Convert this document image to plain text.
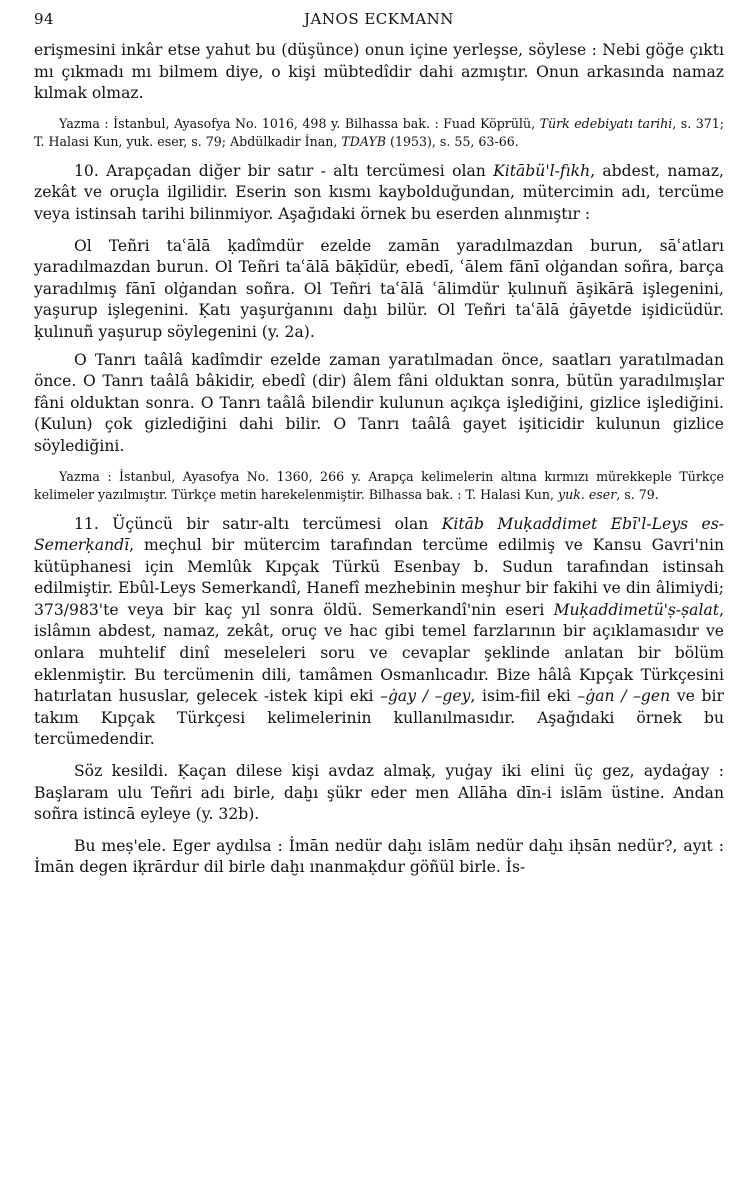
94	JANOS ECKMANN

erişmesini inkâr etse yahut bu (düşünce) onun içine yerleşse, söylese : Nebi göğe çıktı mı çıkmadı mı bilmem diye, o kişi mübtedîdir dahi azmıştır. Onun arkasında namaz kılmak olmaz.

Yazma : İstanbul, Ayasofya No. 1016, 498 y. Bilhassa bak. : Fuad Köprülü, Türk edebiyatı tarihi, s. 371; T. Halasi Kun, yuk. eser, s. 79; Abdülkadir İnan, TDAYB (1953), s. 55, 63-66.

10. Arapçadan diğer bir satır - altı tercümesi olan Kitābü'l-fıkh, abdest, namaz, zekât ve oruçla ilgilidir. Eserin son kısmı kaybolduğundan, mütercimin adı, tercüme veya istinsah tarihi bilinmiyor. Aşağıdaki örnek bu eserden alınmıştır :

Ol Teñri taʿālā ḳadîmdür ezelde zamān yaradılmazdan burun, sāʿatları yaradılmazdan burun. Ol Teñri taʿālā bāḳīdür, ebedī, ʿālem fānī olġandan soñra, barça yaradılmış fānī olġandan soñra. Ol Teñri taʿālā ʿālimdür ḳulınuñ āşikārā işlegenini, yaşurup işlegenini. Ḳatı yaşurġanını daḫı bilür. Ol Teñri taʿālā ġāyetde işidicüdür. ḳulınuñ yaşurup söylegenini (y. 2a).

O Tanrı taâlâ kadîmdir ezelde zaman yaratılmadan önce, saatları yaratılmadan önce. O Tanrı taâlâ bâkidir, ebedî (dir) âlem fâni olduktan sonra, bütün yaradılmışlar fâni olduktan sonra. O Tanrı taâlâ bilendir kulunun açıkça işlediğini, gizlice işlediğini. (Kulun) çok gizlediğini dahi bilir. O Tanrı taâlâ gayet işiticidir kulunun gizlice söylediğini.

Yazma : İstanbul, Ayasofya No. 1360, 266 y. Arapça kelimelerin altına kırmızı mürekkeple Türkçe kelimeler yazılmıştır. Türkçe metin harekelenmiştir. Bilhassa bak. : T. Halasi Kun, yuk. eser, s. 79.

11. Üçüncü bir satır-altı tercümesi olan Kitāb Muḳaddimet Ebī'l-Leys es-Semerḳandī, meçhul bir mütercim tarafından tercüme edilmiş ve Kansu Gavri'nin kütüphanesi için Memlûk Kıpçak Türkü Esenbay b. Sudun tarafından istinsah edilmiştir. Ebûl-Leys Semerkandî, Hanefî mezhebinin meşhur bir fakihi ve din âlimiydi; 373/983'te veya bir kaç yıl sonra öldü. Semerkandî'nin eseri Muḳaddimetü'ṣ-ṣalat, islâmın abdest, namaz, zekât, oruç ve hac gibi temel farzlarının bir açıklamasıdır ve onlara muhtelif dinî meseleleri soru ve cevaplar şeklinde anlatan bir bölüm eklenmiştir. Bu tercümenin dili, tamâmen Osmanlıcadır. Bize hâlâ Kıpçak Türkçesini hatırlatan hususlar, gelecek -istek kipi eki –ġay / –gey, isim-fiil eki –ġan / –gen ve bir takım Kıpçak Türkçesi kelimelerinin kullanılmasıdır. Aşağıdaki örnek bu tercümedendir.

Söz kesildi. Ḳaçan dilese kişi avdaz almaḳ, yuġay iki elini üç gez, aydaġay : Başlaram ulu Teñri adı birle, daḫı şükr eder men Allāha dīn-i islām üstine. Andan soñra istincā eyleye (y. 32b).

Bu meṣ'ele. Eger aydılsa : İmān nedür daḫı islām nedür daḫı iḥsān nedür?, ayıt : İmān degen iḳrārdur dil birle daḫı ınanmaḳdur göñül birle. İs-
